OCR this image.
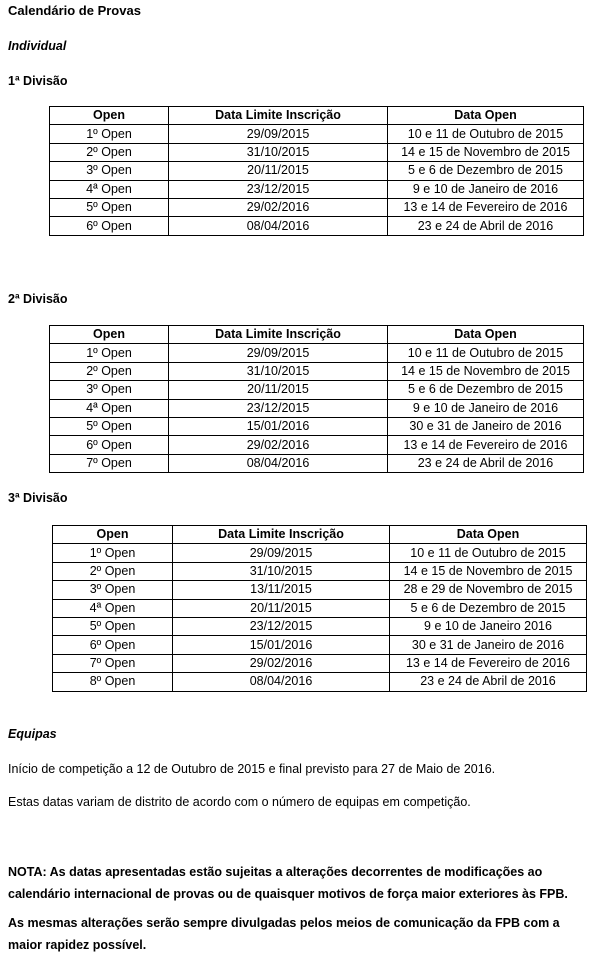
Calendário de Provas
Individual
1ª Divisão
Open	Data Limite Inscrição	Data Open
1º Open	29/09/2015	10 e 11 de Outubro de 2015
2º Open	31/10/2015	14 e 15 de Novembro de 2015
3º Open	20/11/2015	5 e 6 de Dezembro de 2015
4ª Open	23/12/2015	9 e 10 de Janeiro de 2016
5º Open	29/02/2016	13 e 14 de Fevereiro de 2016
6º Open	08/04/2016	23 e 24 de Abril de 2016
2ª Divisão
Open	Data Limite Inscrição	Data Open
1º Open	29/09/2015	10 e 11 de Outubro de 2015
2º Open	31/10/2015	14 e 15 de Novembro de 2015
3º Open	20/11/2015	5 e 6 de Dezembro de 2015
4ª Open	23/12/2015	9 e 10 de Janeiro de 2016
5º Open	15/01/2016	30 e 31 de Janeiro de 2016
6º Open	29/02/2016	13 e 14 de Fevereiro de 2016
7º Open	08/04/2016	23 e 24 de Abril de 2016
3ª Divisão
Open	Data Limite Inscrição	Data Open
1º Open	29/09/2015	10 e 11 de Outubro de 2015
2º Open	31/10/2015	14 e 15 de Novembro de 2015
3º Open	13/11/2015	28 e 29 de Novembro de 2015
4ª Open	20/11/2015	5 e 6 de Dezembro de 2015
5º Open	23/12/2015	9 e 10 de Janeiro 2016
6º Open	15/01/2016	30 e 31 de Janeiro de 2016
7º Open	29/02/2016	13 e 14 de Fevereiro de 2016
8º Open	08/04/2016	23 e 24 de Abril de 2016
Equipas
Início de competição a 12 de Outubro de 2015 e final previsto para 27 de Maio de 2016.
Estas datas variam de distrito de acordo com o número de equipas em competição.
NOTA: As datas apresentadas estão sujeitas a alterações decorrentes de modificações ao
calendário internacional de provas ou de quaisquer motivos de força maior exteriores às FPB.
As mesmas alterações serão sempre divulgadas pelos meios de comunicação da FPB com a
maior rapidez possível.
